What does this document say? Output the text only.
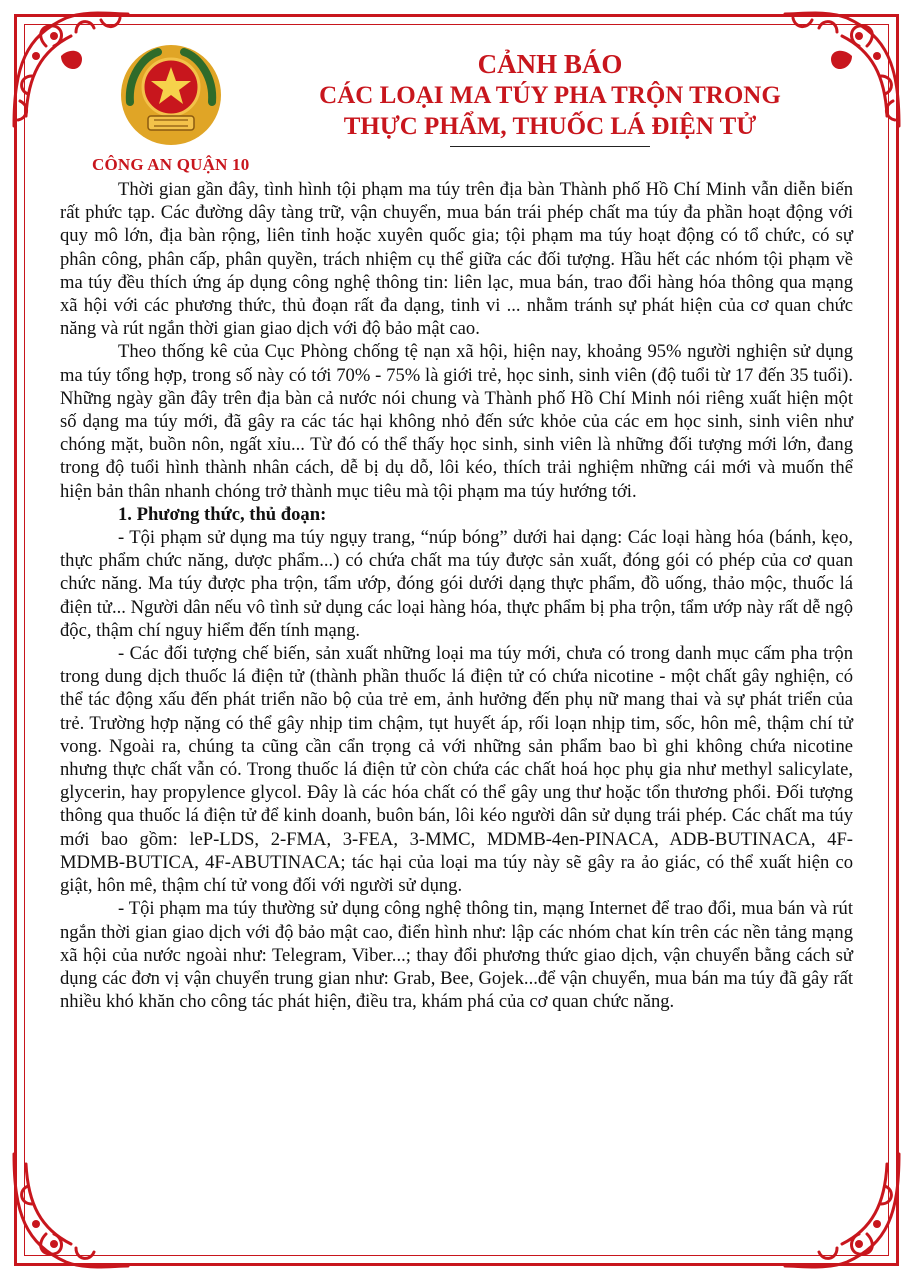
CÔNG AN QUẬN 10
CẢNH BÁO
CÁC LOẠI MA TÚY PHA TRỘN TRONG
THỰC PHẨM, THUỐC LÁ ĐIỆN TỬ

Thời gian gần đây, tình hình tội phạm ma túy trên địa bàn Thành phố Hồ Chí Minh vẫn diễn biến rất phức tạp. Các đường dây tàng trữ, vận chuyển, mua bán trái phép chất ma túy đa phần hoạt động với quy mô lớn, địa bàn rộng, liên tỉnh hoặc xuyên quốc gia; tội phạm ma túy hoạt động có tổ chức, có sự phân công, phân cấp, phân quyền, trách nhiệm cụ thể giữa các đối tượng. Hầu hết các nhóm tội phạm về ma túy đều thích ứng áp dụng công nghệ thông tin: liên lạc, mua bán, trao đổi hàng hóa thông qua mạng xã hội với các phương thức, thủ đoạn rất đa dạng, tinh vi ... nhằm tránh sự phát hiện của cơ quan chức năng và rút ngắn thời gian giao dịch với độ bảo mật cao.

Theo thống kê của Cục Phòng chống tệ nạn xã hội, hiện nay, khoảng 95% người nghiện sử dụng ma túy tổng hợp, trong số này có tới 70% - 75% là giới trẻ, học sinh, sinh viên (độ tuổi từ 17 đến 35 tuổi). Những ngày gần đây trên địa bàn cả nước nói chung và Thành phố Hồ Chí Minh nói riêng xuất hiện một số dạng ma túy mới, đã gây ra các tác hại không nhỏ đến sức khỏe của các em học sinh, sinh viên như chóng mặt, buồn nôn, ngất xỉu... Từ đó có thể thấy học sinh, sinh viên là những đối tượng mới lớn, đang trong độ tuổi hình thành nhân cách, dễ bị dụ dỗ, lôi kéo, thích trải nghiệm những cái mới và muốn thể hiện bản thân nhanh chóng trở thành mục tiêu mà tội phạm ma túy hướng tới.

1. Phương thức, thủ đoạn:

- Tội phạm sử dụng ma túy ngụy trang, “núp bóng” dưới hai dạng: Các loại hàng hóa (bánh, kẹo, thực phẩm chức năng, dược phẩm...) có chứa chất ma túy được sản xuất, đóng gói có phép của cơ quan chức năng. Ma túy được pha trộn, tẩm ướp, đóng gói dưới dạng thực phẩm, đồ uống, thảo mộc, thuốc lá điện tử... Người dân nếu vô tình sử dụng các loại hàng hóa, thực phẩm bị pha trộn, tẩm ướp này rất dễ ngộ độc, thậm chí nguy hiểm đến tính mạng.

- Các đối tượng chế biến, sản xuất những loại ma túy mới, chưa có trong danh mục cấm pha trộn trong dung dịch thuốc lá điện tử (thành phần thuốc lá điện tử có chứa nicotine - một chất gây nghiện, có thể tác động xấu đến phát triển não bộ của trẻ em, ảnh hưởng đến phụ nữ mang thai và sự phát triển của trẻ. Trường hợp nặng có thể gây nhịp tim chậm, tụt huyết áp, rối loạn nhịp tim, sốc, hôn mê, thậm chí tử vong. Ngoài ra, chúng ta cũng cần cẩn trọng cả với những sản phẩm bao bì ghi không chứa nicotine nhưng thực chất vẫn có. Trong thuốc lá điện tử còn chứa các chất hoá học phụ gia như methyl salicylate, glycerin, hay propylence glycol. Đây là các hóa chất có thể gây ung thư hoặc tổn thương phổi. Đối tượng thông qua thuốc lá điện tử để kinh doanh, buôn bán, lôi kéo người dân sử dụng trái phép. Các chất ma túy mới bao gồm: leP-LDS, 2-FMA, 3-FEA, 3-MMC, MDMB-4en-PINACA, ADB-BUTINACA, 4F-MDMB-BUTICA, 4F-ABUTINACA; tác hại của loại ma túy này sẽ gây ra ảo giác, có thể xuất hiện co giật, hôn mê, thậm chí tử vong đối với người sử dụng.

- Tội phạm ma túy thường sử dụng công nghệ thông tin, mạng Internet để trao đổi, mua bán và rút ngắn thời gian giao dịch với độ bảo mật cao, điển hình như: lập các nhóm chat kín trên các nền tảng mạng xã hội của nước ngoài như: Telegram, Viber...; thay đổi phương thức giao dịch, vận chuyển bằng cách sử dụng các đơn vị vận chuyển trung gian như: Grab, Bee, Gojek...để vận chuyển, mua bán ma túy đã gây rất nhiều khó khăn cho công tác phát hiện, điều tra, khám phá của cơ quan chức năng.
